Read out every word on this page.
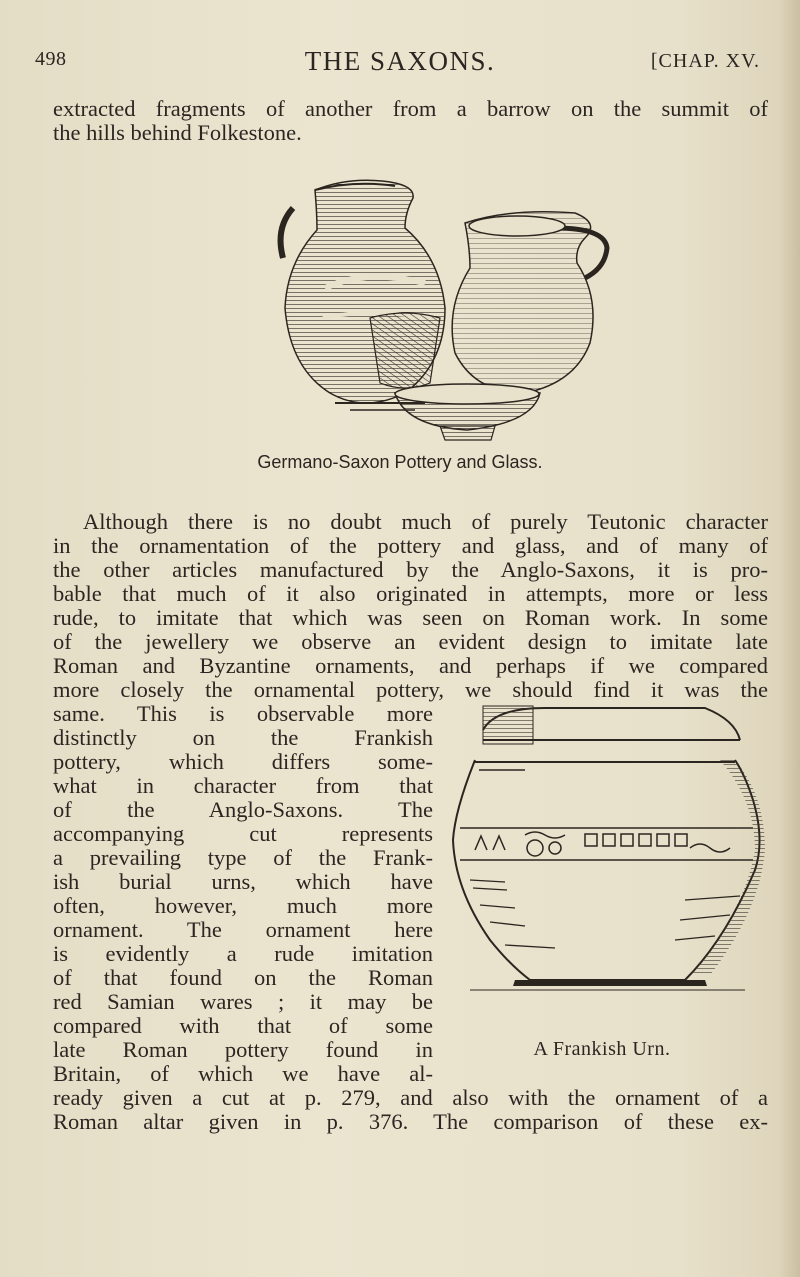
498	THE SAXONS.	[CHAP. XV.
extracted fragments of another from a barrow on the summit of
the hills behind Folkestone.
Germano-Saxon Pottery and Glass.
Although there is no doubt much of purely Teutonic character
in the ornamentation of the pottery and glass, and of many of
the other articles manufactured by the Anglo-Saxons, it is pro-
bable that much of it also originated in attempts, more or less
rude, to imitate that which was seen on Roman work. In some
of the jewellery we observe an evident design to imitate late
Roman and Byzantine ornaments, and perhaps if we compared
more closely the ornamental pottery, we should find it was the
same. This is observable more
distinctly on the Frankish
pottery, which differs some-
what in character from that
of the Anglo-Saxons. The
accompanying cut represents
a prevailing type of the Frank-
ish burial urns, which have
often, however, much more
ornament. The ornament here
is evidently a rude imitation
of that found on the Roman
red Samian wares ; it may be
compared with that of some
late Roman pottery found in
Britain, of which we have al-
ready given a cut at p. 279, and also with the ornament of a
Roman altar given in p. 376. The comparison of these ex-
A Frankish Urn.
